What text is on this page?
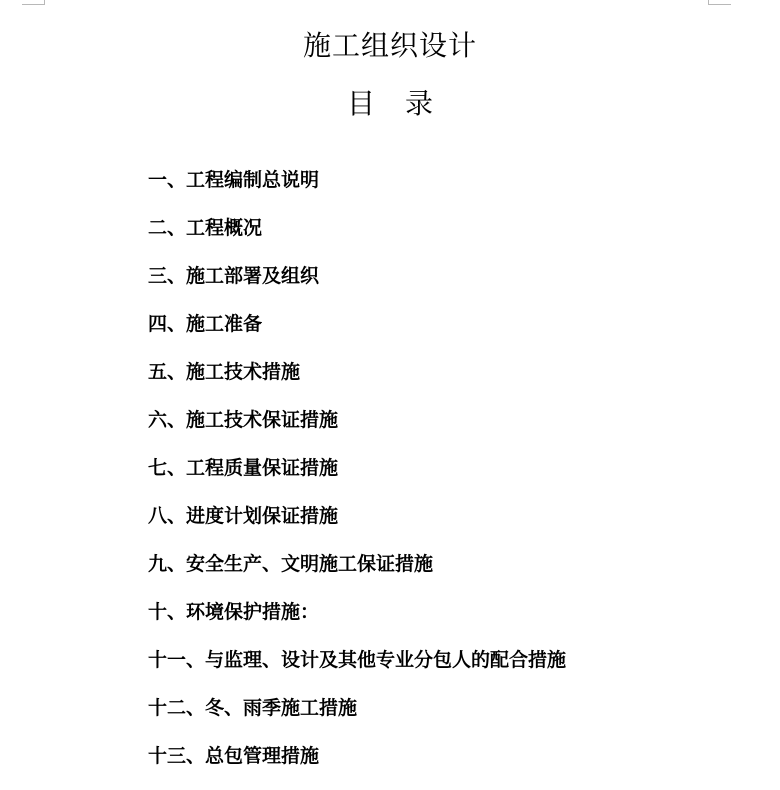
施工组织设计
目 录
一、工程编制总说明
二、工程概况
三、施工部署及组织
四、施工准备
五、施工技术措施
六、施工技术保证措施
七、工程质量保证措施
八、进度计划保证措施
九、安全生产、文明施工保证措施
十、环境保护措施：
十一、与监理、设计及其他专业分包人的配合措施
十二、冬、雨季施工措施
十三、总包管理措施
